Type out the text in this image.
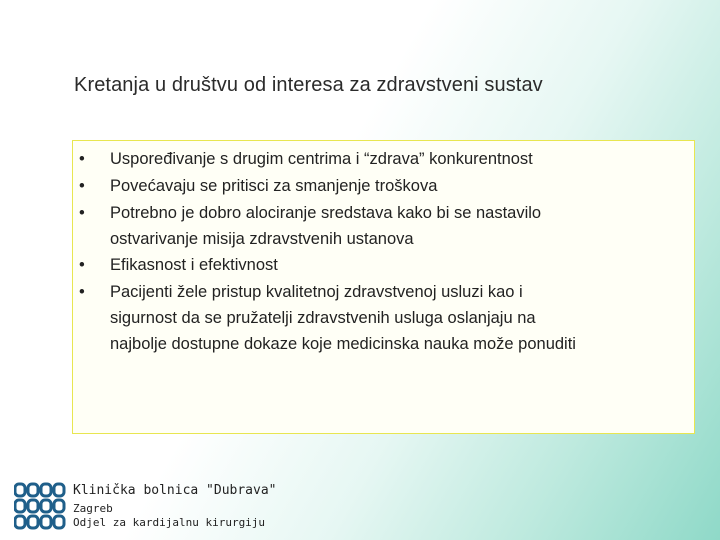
Kretanja u društvu od interesa za zdravstveni sustav
•	Uspoređivanje s drugim centrima i “zdrava” konkurentnost
•	Povećavaju se pritisci za smanjenje troškova
•	Potrebno je dobro alociranje sredstava kako bi se nastavilo
ostvarivanje misija zdravstvenih ustanova
•	Efikasnost i efektivnost
•	Pacijenti žele pristup kvalitetnoj zdravstvenoj usluzi kao i
sigurnost da se pružatelji zdravstvenih usluga oslanjaju na
najbolje dostupne dokaze koje medicinska nauka može ponuditi
Klinička bolnica "Dubrava"
Zagreb
Odjel za kardijalnu kirurgiju
